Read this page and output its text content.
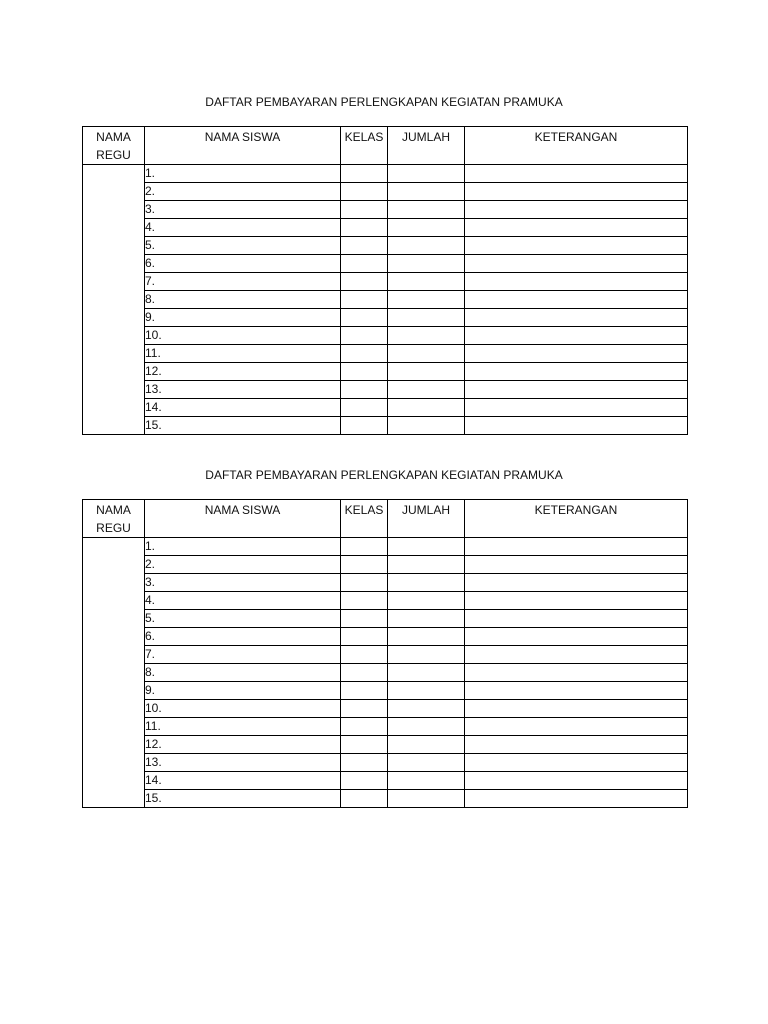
DAFTAR PEMBAYARAN PERLENGKAPAN KEGIATAN PRAMUKA
NAMA
REGU	NAMA SISWA	KELAS	JUMLAH	KETERANGAN
	1.			
	2.			
	3.			
	4.			
	5.			
	6.			
	7.			
	8.			
	9.			
	10.			
	11.			
	12.			
	13.			
	14.			
	15.			
DAFTAR PEMBAYARAN PERLENGKAPAN KEGIATAN PRAMUKA
NAMA
REGU	NAMA SISWA	KELAS	JUMLAH	KETERANGAN
	1.			
	2.			
	3.			
	4.			
	5.			
	6.			
	7.			
	8.			
	9.			
	10.			
	11.			
	12.			
	13.			
	14.			
	15.			
